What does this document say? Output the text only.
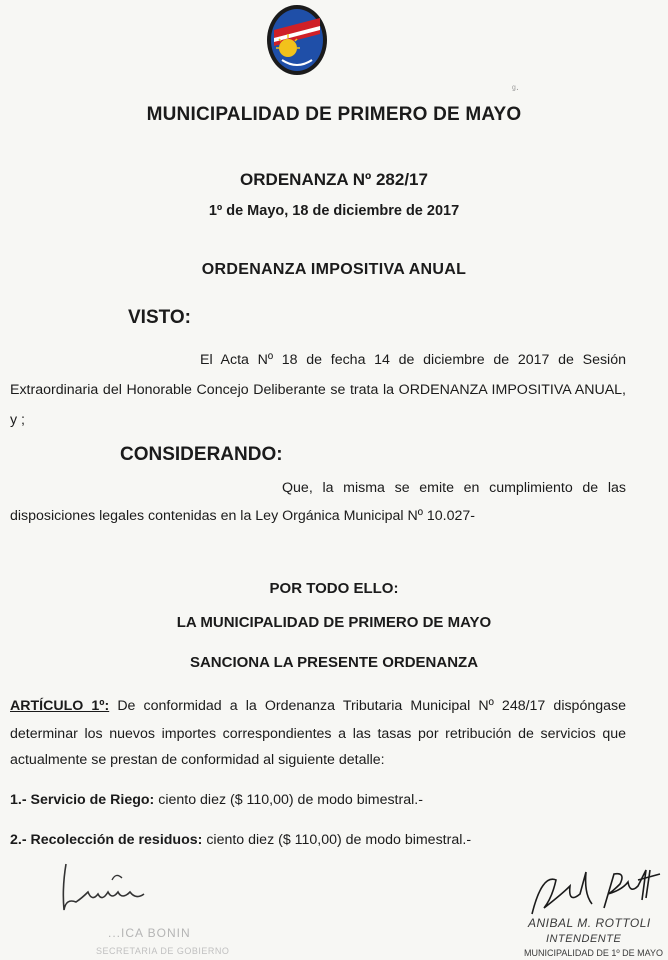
ᵍ·
MUNICIPALIDAD DE PRIMERO DE MAYO
ORDENANZA Nº 282/17
1º de Mayo, 18 de diciembre de 2017
ORDENANZA IMPOSITIVA ANUAL
VISTO:
El Acta Nº 18 de fecha 14 de diciembre de 2017 de Sesión
Extraordinaria del Honorable Concejo Deliberante se trata la ORDENANZA IMPOSITIVA ANUAL,
y ;
CONSIDERANDO:
Que, la misma se emite en cumplimiento de las
disposiciones legales contenidas en la Ley Orgánica Municipal Nº 10.027-
POR TODO ELLO:
LA MUNICIPALIDAD DE PRIMERO DE MAYO
SANCIONA LA PRESENTE ORDENANZA
ARTÍCULO 1º: De conformidad a la Ordenanza Tributaria Municipal Nº 248/17 dispóngase
determinar los nuevos importes correspondientes a las tasas por retribución de servicios que
actualmente se prestan de conformidad al siguiente detalle:
1.- Servicio de Riego: ciento diez ($ 110,00) de modo bimestral.-
2.- Recolección de residuos: ciento diez ($ 110,00) de modo bimestral.-
...ICA BONIN
SECRETARIA DE GOBIERNO
ANIBAL M. ROTTOLI
INTENDENTE
MUNICIPALIDAD DE 1º DE MAYO
